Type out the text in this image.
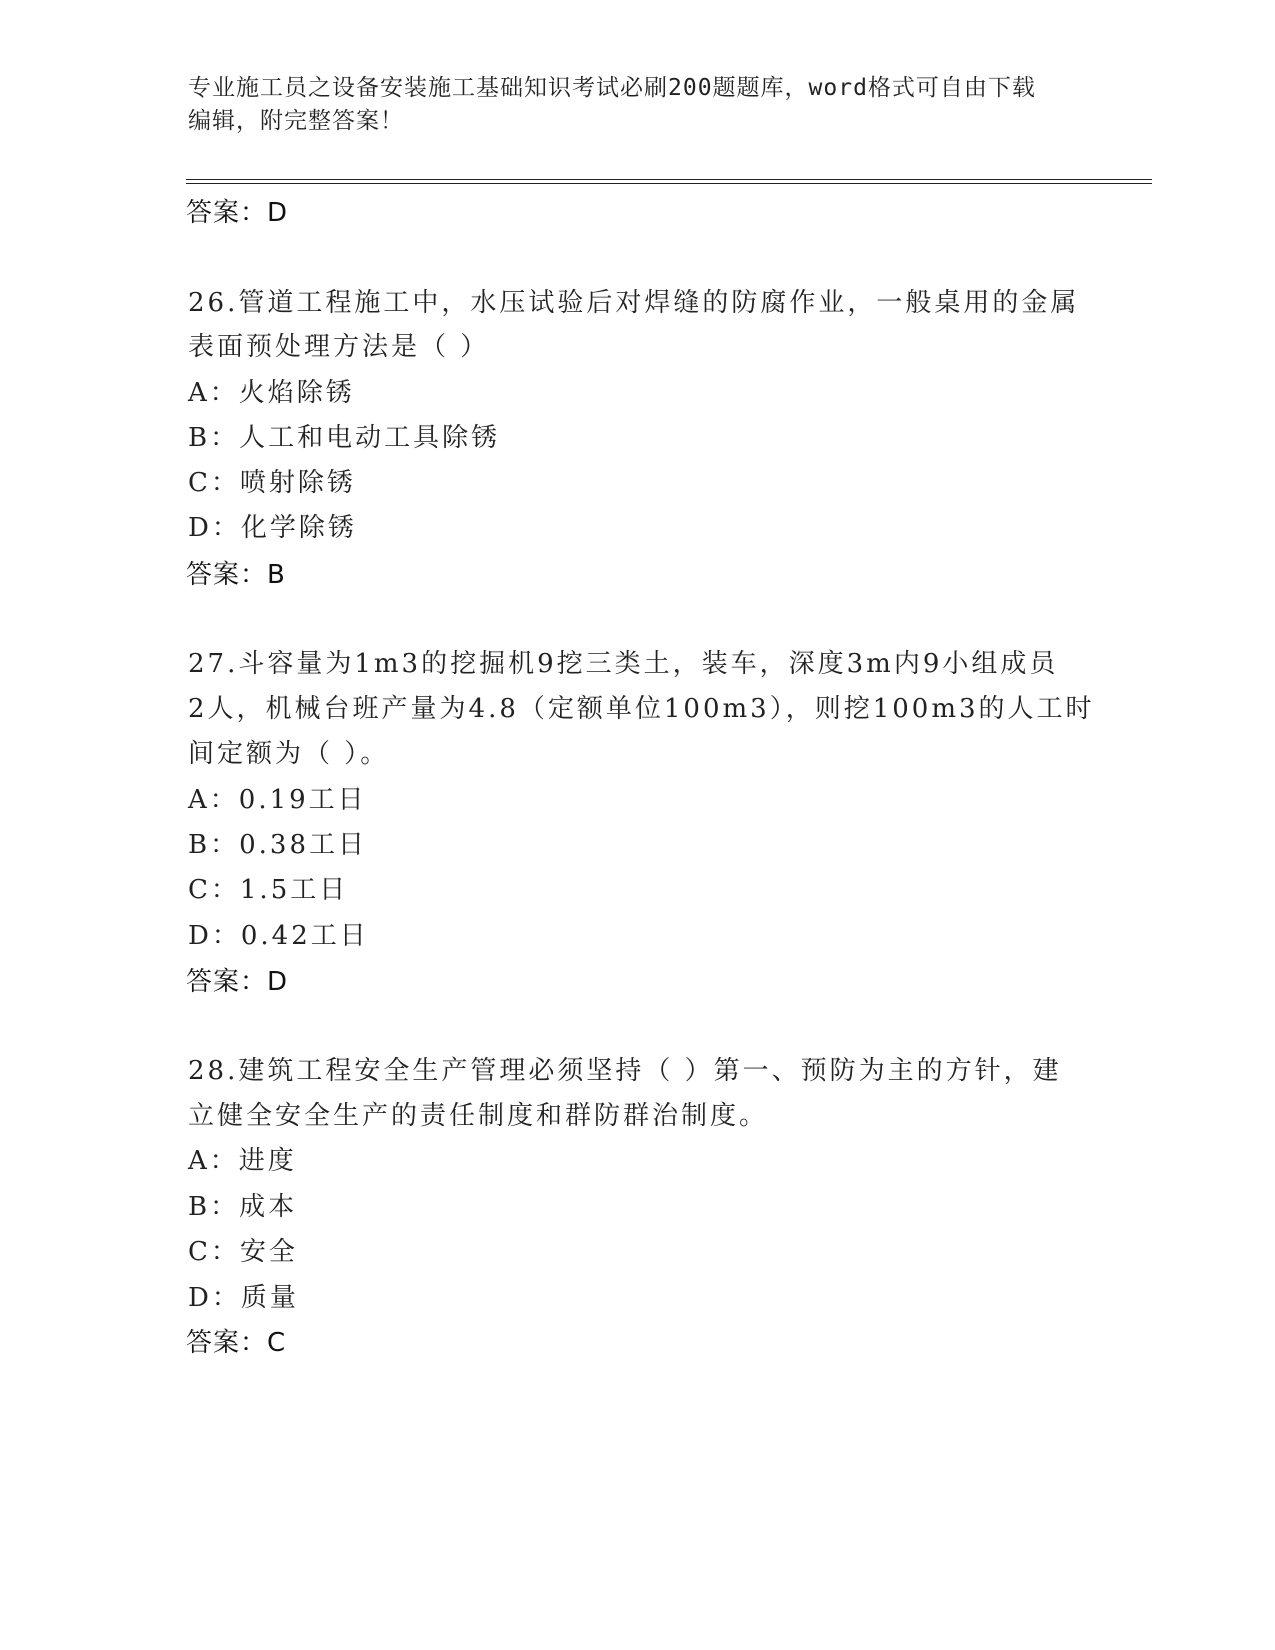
专业施工员之设备安装施工基础知识考试必刷200题题库，word格式可自由下载
编辑，附完整答案！
答案：D
26.管道工程施工中，水压试验后对焊缝的防腐作业，一般桌用的金属
表面预处理方法是（ ）
A：火焰除锈
B：人工和电动工具除锈
C：喷射除锈
D：化学除锈
答案：B
27.斗容量为1m3的挖掘机9挖三类土，装车，深度3m内9小组成员
2人，机械台班产量为4.8（定额单位100m3），则挖100m3的人工时
间定额为（ ）。
A：0.19工日
B：0.38工日
C：1.5工日
D：0.42工日
答案：D
28.建筑工程安全生产管理必须坚持（ ）第一、预防为主的方针，建
立健全安全生产的责任制度和群防群治制度。
A：进度
B：成本
C：安全
D：质量
答案：C
